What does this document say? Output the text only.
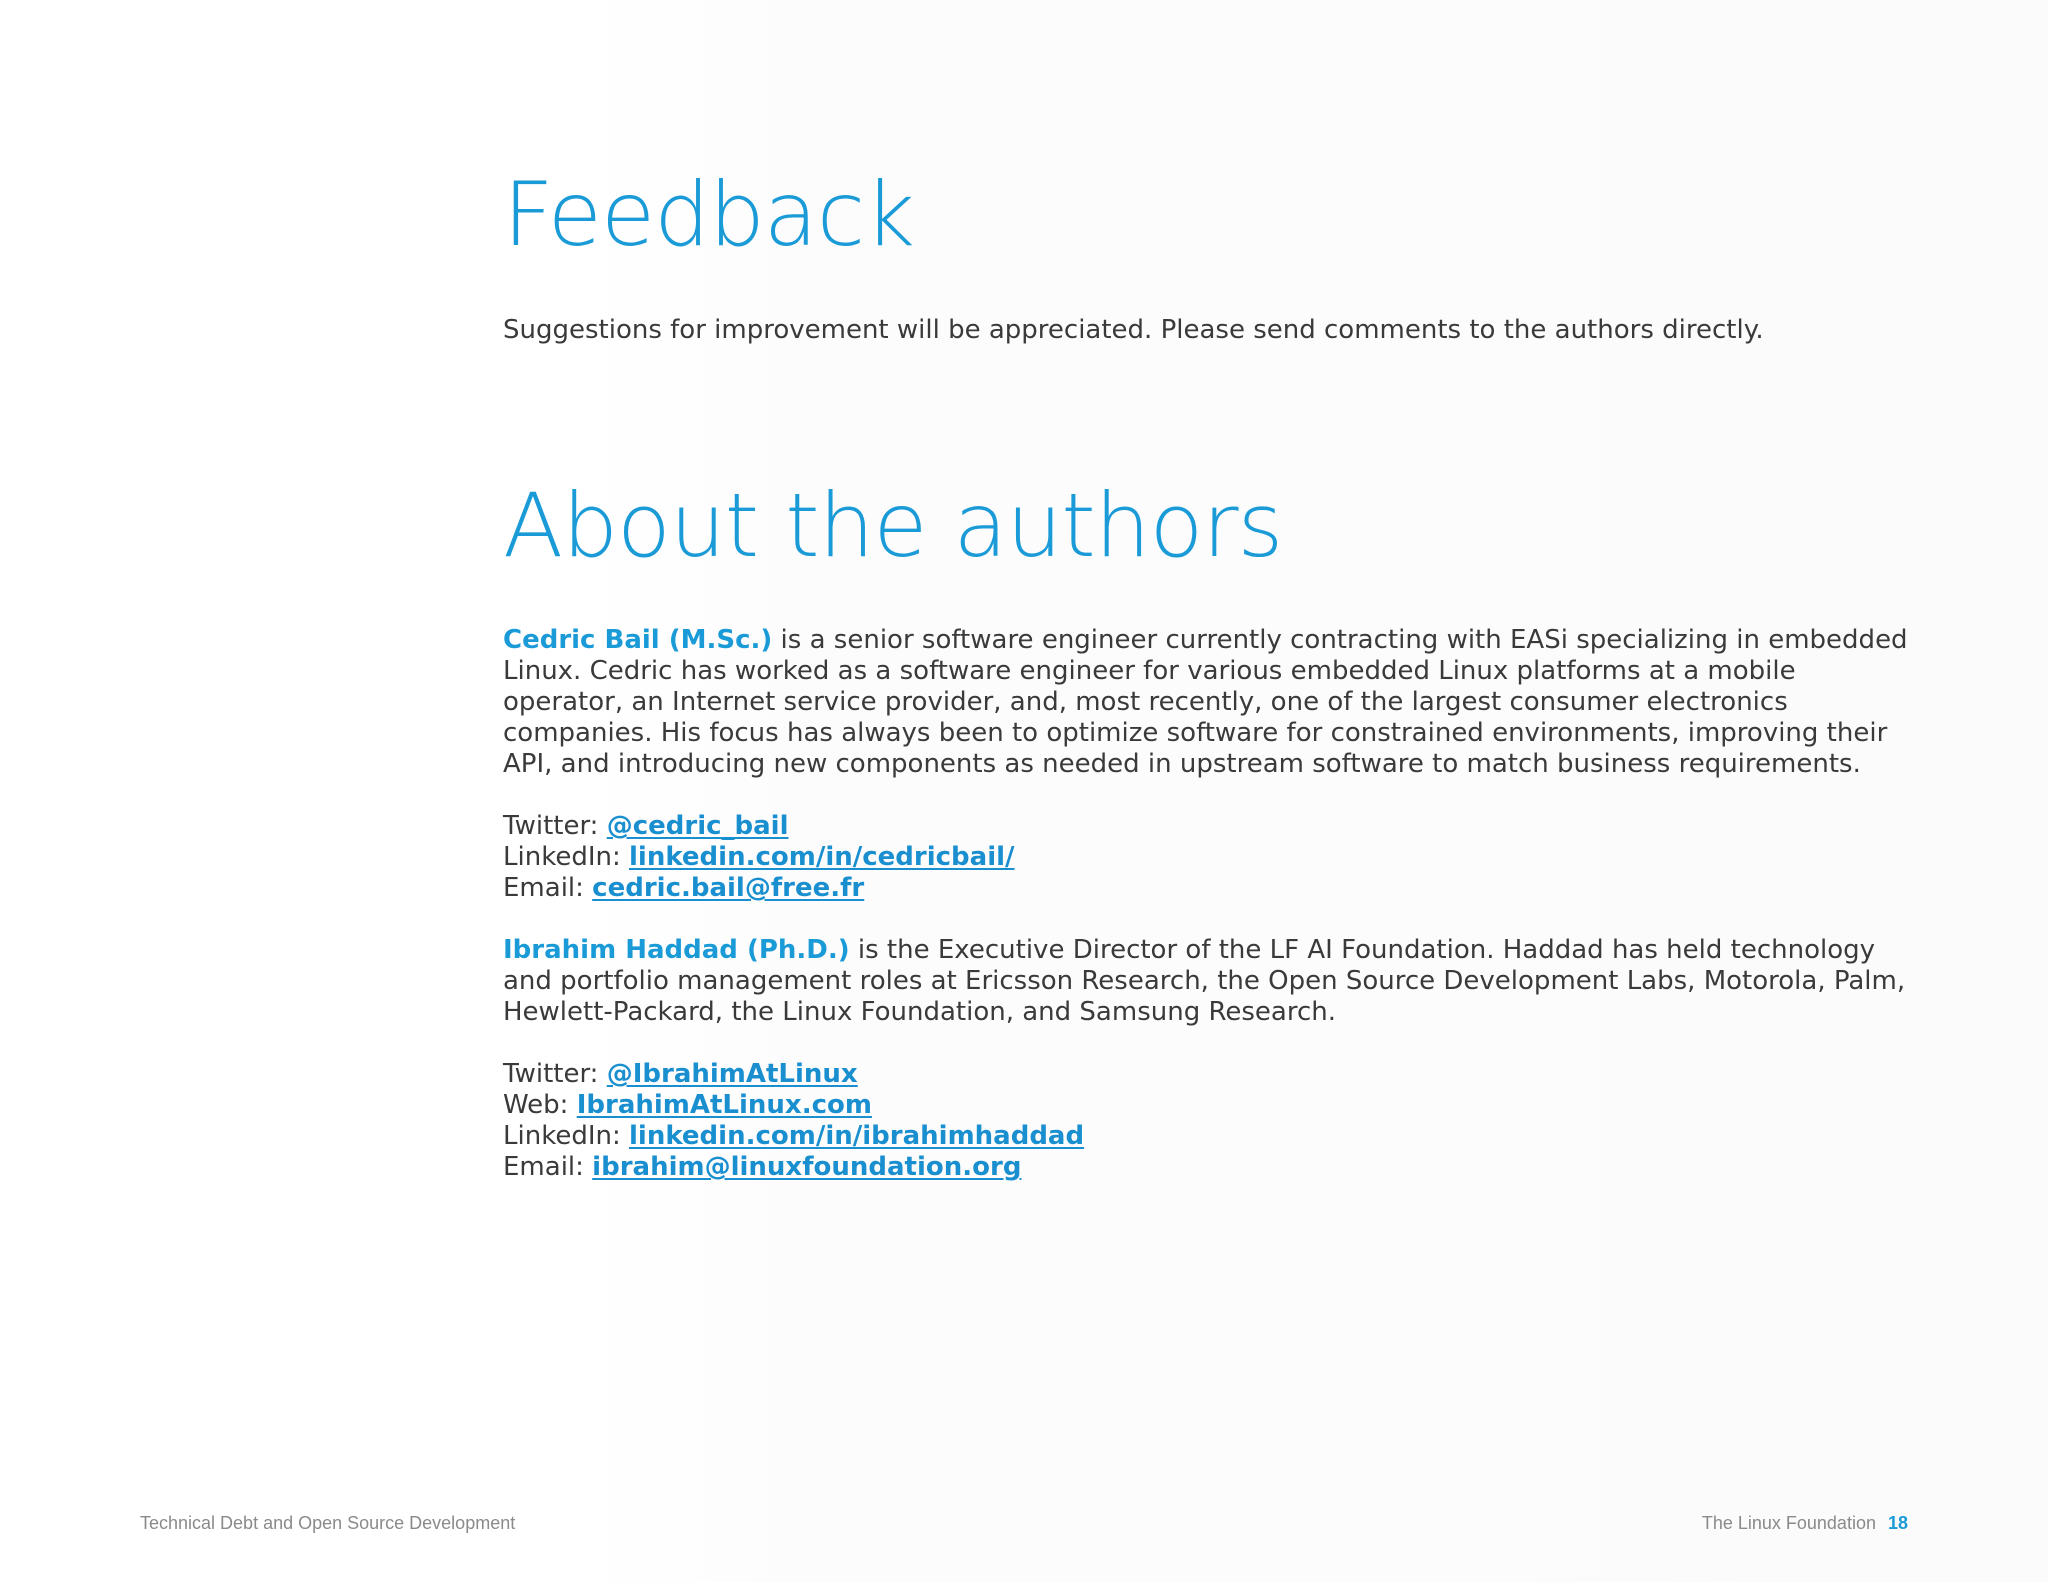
Feedback

Suggestions for improvement will be appreciated. Please send comments to the authors directly.

About the authors

Cedric Bail (M.Sc.) is a senior software engineer currently contracting with EASi specializing in embedded Linux. Cedric has worked as a software engineer for various embedded Linux platforms at a mobile operator, an Internet service provider, and, most recently, one of the largest consumer electronics companies. His focus has always been to optimize software for constrained environments, improving their API, and introducing new components as needed in upstream software to match business requirements.

Twitter: @cedric_bail
LinkedIn: linkedin.com/in/cedricbail/
Email: cedric.bail@free.fr

Ibrahim Haddad (Ph.D.) is the Executive Director of the LF AI Foundation. Haddad has held technology and portfolio management roles at Ericsson Research, the Open Source Development Labs, Motorola, Palm, Hewlett-Packard, the Linux Foundation, and Samsung Research.

Twitter: @IbrahimAtLinux
Web: IbrahimAtLinux.com
LinkedIn: linkedin.com/in/ibrahimhaddad
Email: ibrahim@linuxfoundation.org
Technical Debt and Open Source Development	The Linux Foundation 18
